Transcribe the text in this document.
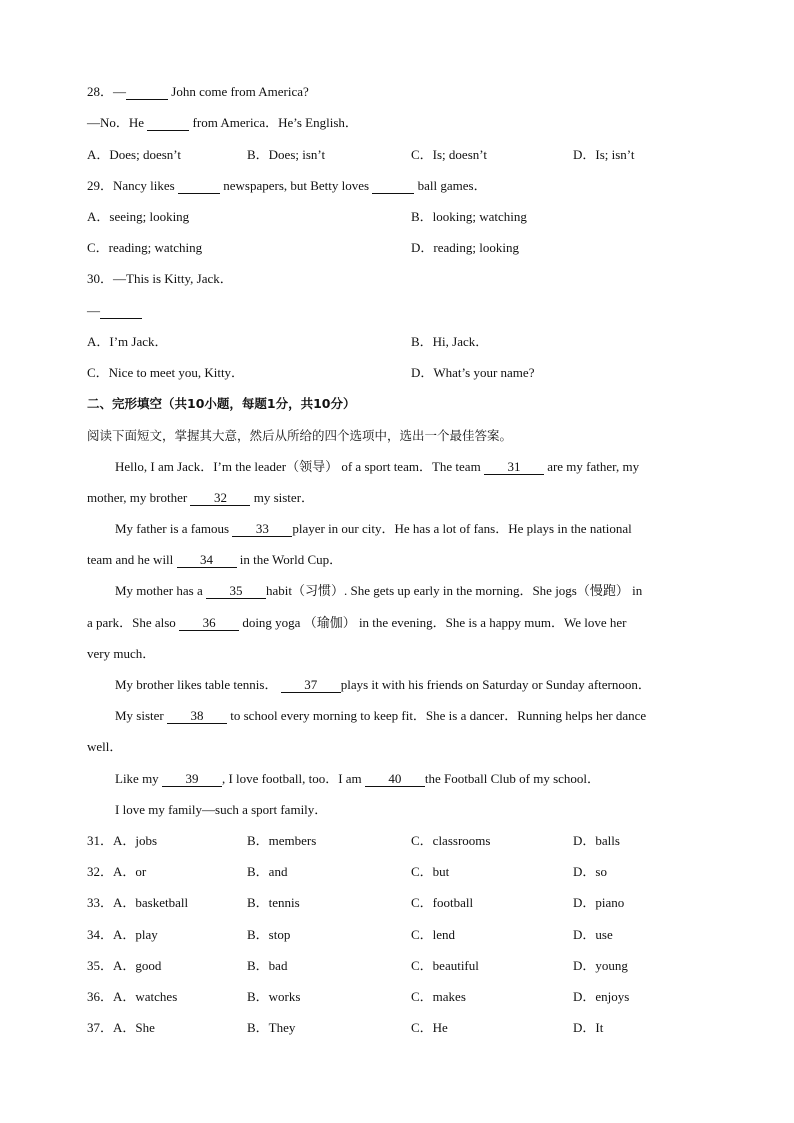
28．—	John come from America?
—No．He	from America．He’s English．
A．Does; doesn’t	B．Does; isn’t	C．Is; doesn’t	D．Is; isn’t
29．Nancy likes	newspapers, but Betty loves	ball games．
A．seeing; looking	B．looking; watching
C．reading; watching	D．reading; looking
30．—This is Kitty, Jack．
—
A．I’m Jack．	B．Hi, Jack．
C．Nice to meet you, Kitty．	D．What’s your name?
二、完形填空（共10小题，每题1分，共10分）
阅读下面短文，掌握其大意，然后从所给的四个选项中，选出一个最佳答案。
Hello, I am Jack．I’m the leader（领导） of a sport team．The team 31 are my father, my
mother, my brother 32 my sister．
My father is a famous 33 player in our city．He has a lot of fans．He plays in the national
team and he will 34 in the World Cup．
My mother has a 35 habit（习惯）. She gets up early in the morning．She jogs（慢跑） in
a park．She also 36 doing yoga （瑜伽） in the evening．She is a happy mum．We love her
very much．
My brother likes table tennis． 37 plays it with his friends on Saturday or Sunday afternoon．
My sister 38 to school every morning to keep fit．She is a dancer．Running helps her dance
well．
Like my 39 , I love football, too．I am 40 the Football Club of my school．
I love my family—such a sport family．
31．A．jobs	B．members	C．classrooms	D．balls
32．A．or	B．and	C．but	D．so
33．A．basketball	B．tennis	C．football	D．piano
34．A．play	B．stop	C．lend	D．use
35．A．good	B．bad	C．beautiful	D．young
36．A．watches	B．works	C．makes	D．enjoys
37．A．She	B．They	C．He	D．It
